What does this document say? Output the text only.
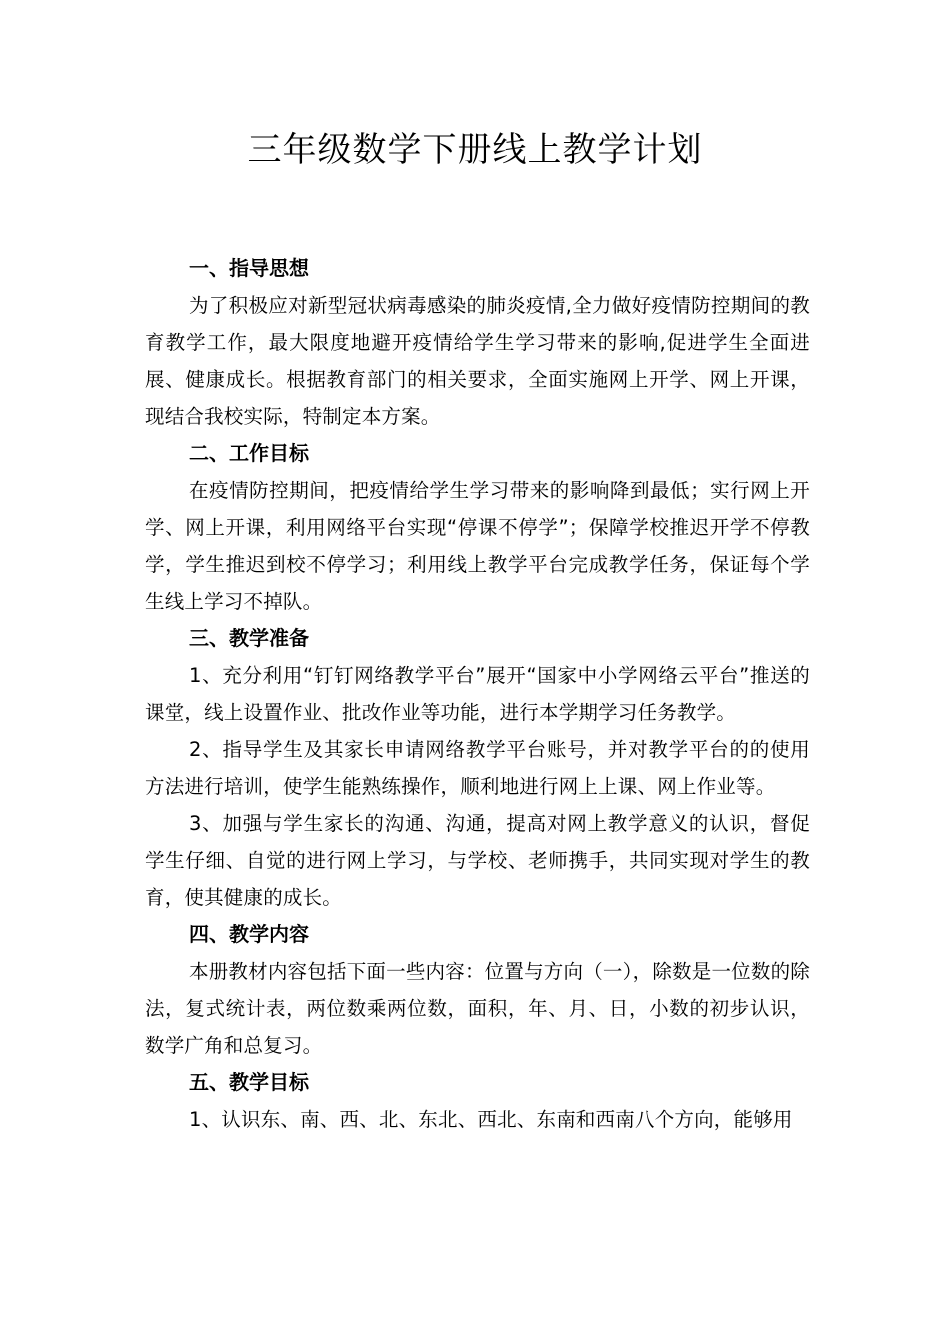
三年级数学下册线上教学计划

一、指导思想

为了积极应对新型冠状病毒感染的肺炎疫情,全力做好疫情防控期间的教育教学工作，最大限度地避开疫情给学生学习带来的影响,促进学生全面进展、健康成长。根据教育部门的相关要求，全面实施网上开学、网上开课，现结合我校实际，特制定本方案。

二、工作目标

在疫情防控期间，把疫情给学生学习带来的影响降到最低；实行网上开学、网上开课，利用网络平台实现“停课不停学”；保障学校推迟开学不停教学，学生推迟到校不停学习；利用线上教学平台完成教学任务，保证每个学生线上学习不掉队。

三、教学准备

1、充分利用“钉钉网络教学平台”展开“国家中小学网络云平台”推送的课堂，线上设置作业、批改作业等功能，进行本学期学习任务教学。

2、指导学生及其家长申请网络教学平台账号，并对教学平台的的使用方法进行培训，使学生能熟练操作，顺利地进行网上上课、网上作业等。

3、加强与学生家长的沟通、沟通，提高对网上教学意义的认识，督促学生仔细、自觉的进行网上学习，与学校、老师携手，共同实现对学生的教育，使其健康的成长。

四、教学内容

本册教材内容包括下面一些内容：位置与方向（一），除数是一位数的除法，复式统计表，两位数乘两位数，面积，年、月、日，小数的初步认识，数学广角和总复习。

五、教学目标

1、认识东、南、西、北、东北、西北、东南和西南八个方向，能够用
